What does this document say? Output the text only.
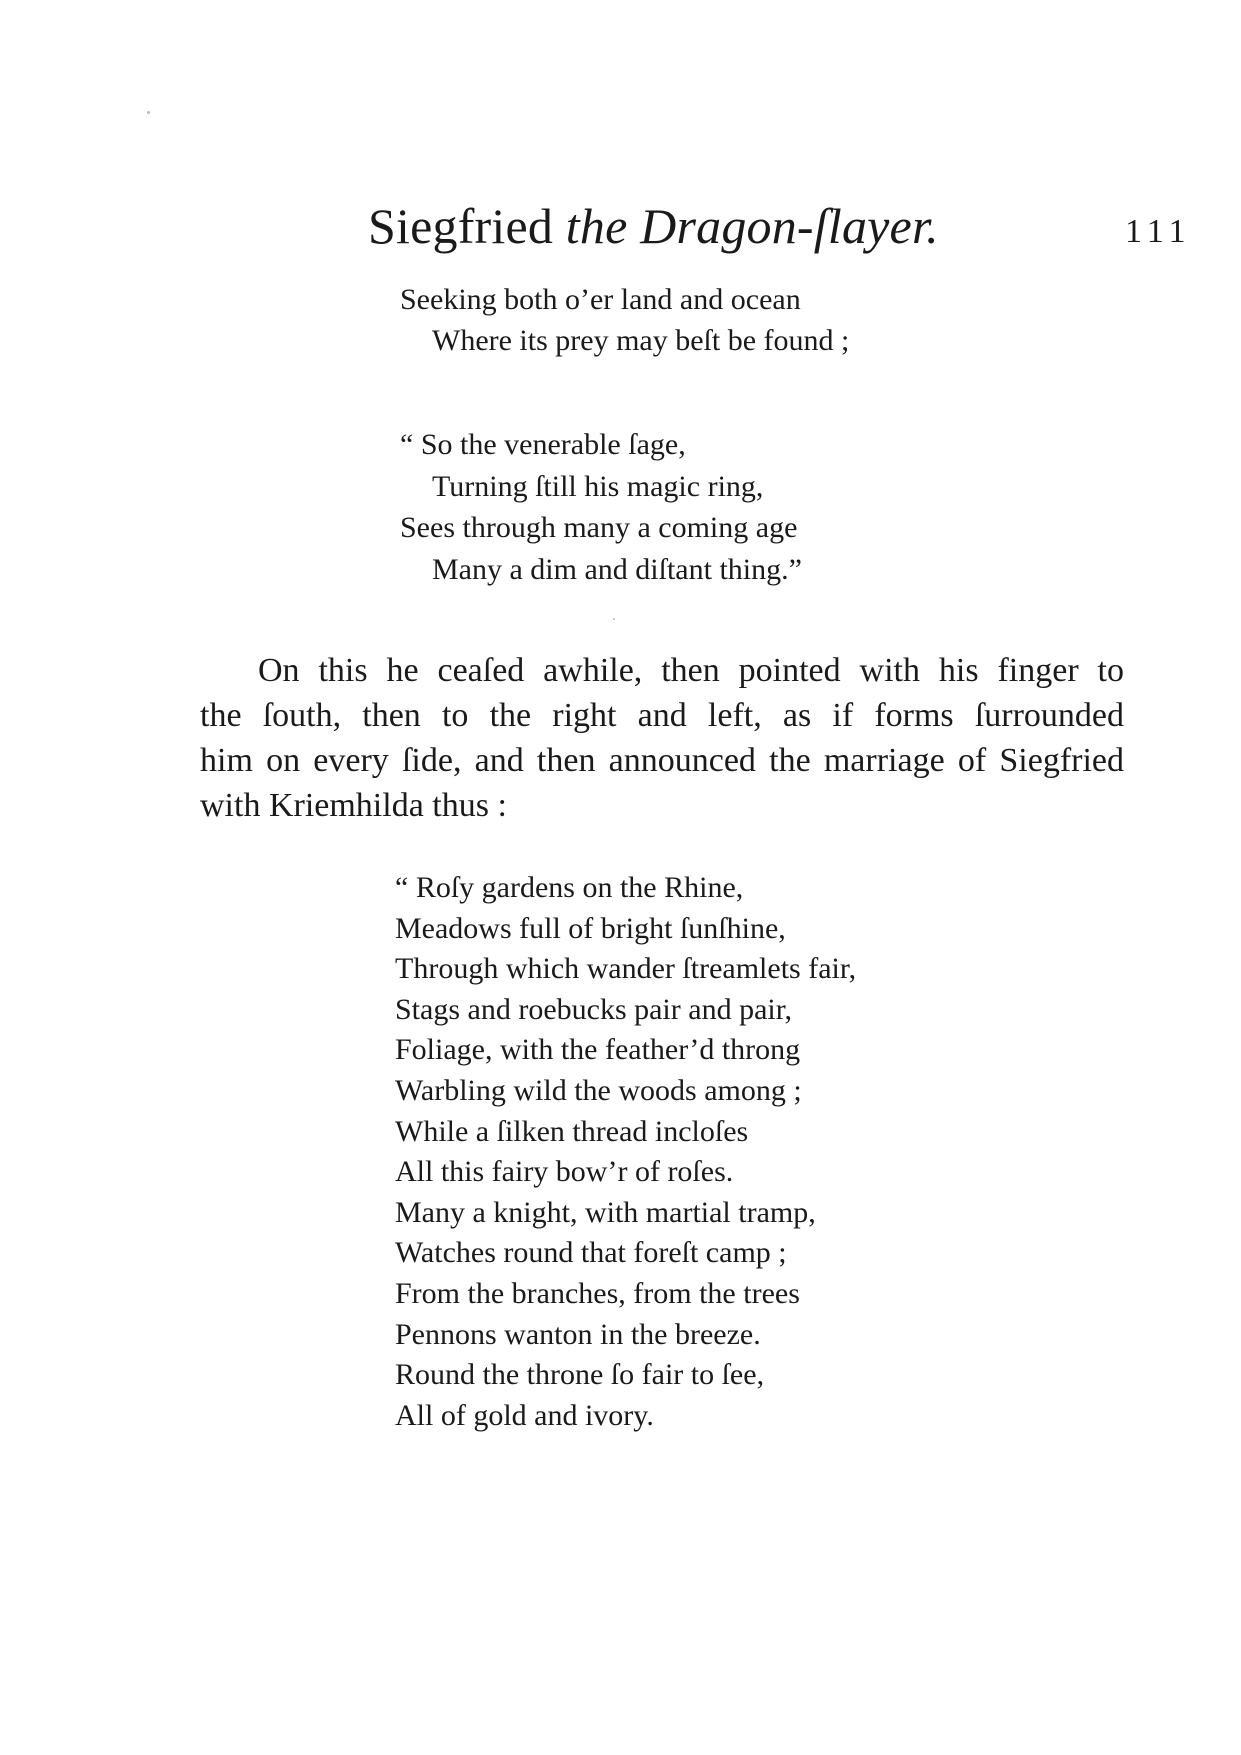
Siegfried the Dragon-ſlayer.	111
Seeking both o’er land and ocean
Where its prey may beſt be found ;
“ So the venerable ſage,
Turning ſtill his magic ring,
Sees through many a coming age
Many a dim and diſtant thing.”

On this he ceaſed awhile, then pointed with his finger to
the ſouth, then to the right and left, as if forms ſurrounded
him on every ſide, and then announced the marriage of Siegfried
with Kriemhilda thus :

“ Roſy gardens on the Rhine,
Meadows full of bright ſunſhine,
Through which wander ſtreamlets fair,
Stags and roebucks pair and pair,
Foliage, with the feather’d throng
Warbling wild the woods among ;
While a ſilken thread incloſes
All this fairy bow’r of roſes.
Many a knight, with martial tramp,
Watches round that foreſt camp ;
From the branches, from the trees
Pennons wanton in the breeze.
Round the throne ſo fair to ſee,
All of gold and ivory.
